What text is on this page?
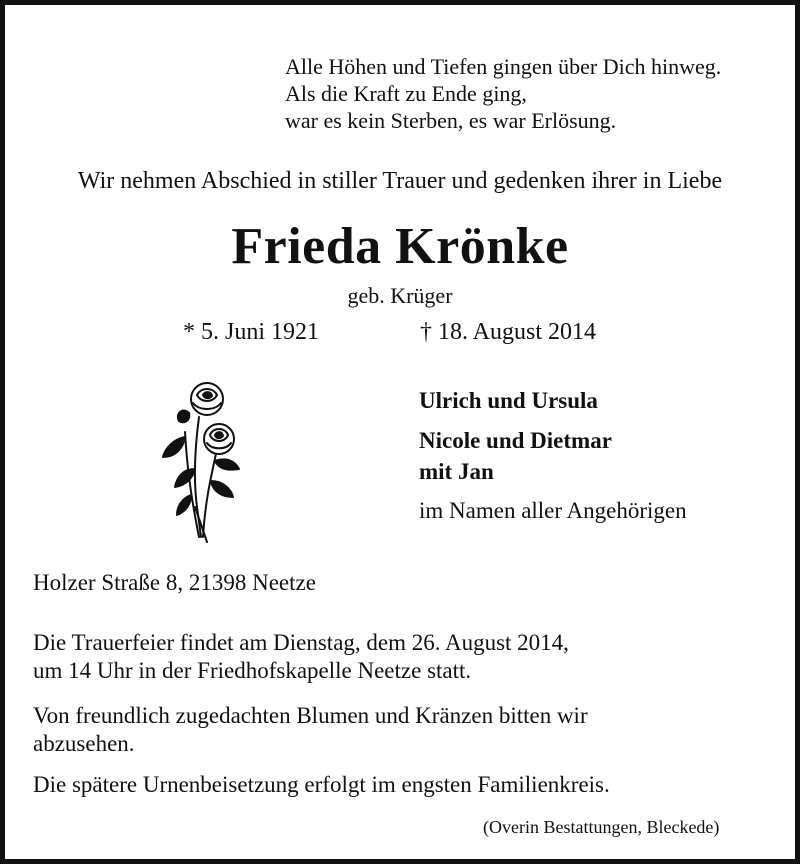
Alle Höhen und Tiefen gingen über Dich hinweg.
Als die Kraft zu Ende ging,
war es kein Sterben, es war Erlösung.
Wir nehmen Abschied in stiller Trauer und gedenken ihrer in Liebe
Frieda Krönke
geb. Krüger
* 5. Juni 1921	† 18. August 2014
Ulrich und Ursula
Nicole und Dietmar
mit Jan
im Namen aller Angehörigen
Holzer Straße 8, 21398 Neetze
Die Trauerfeier findet am Dienstag, dem 26. August 2014,
um 14 Uhr in der Friedhofskapelle Neetze statt.
Von freundlich zugedachten Blumen und Kränzen bitten wir
abzusehen.
Die spätere Urnenbeisetzung erfolgt im engsten Familienkreis.
(Overin Bestattungen, Bleckede)
